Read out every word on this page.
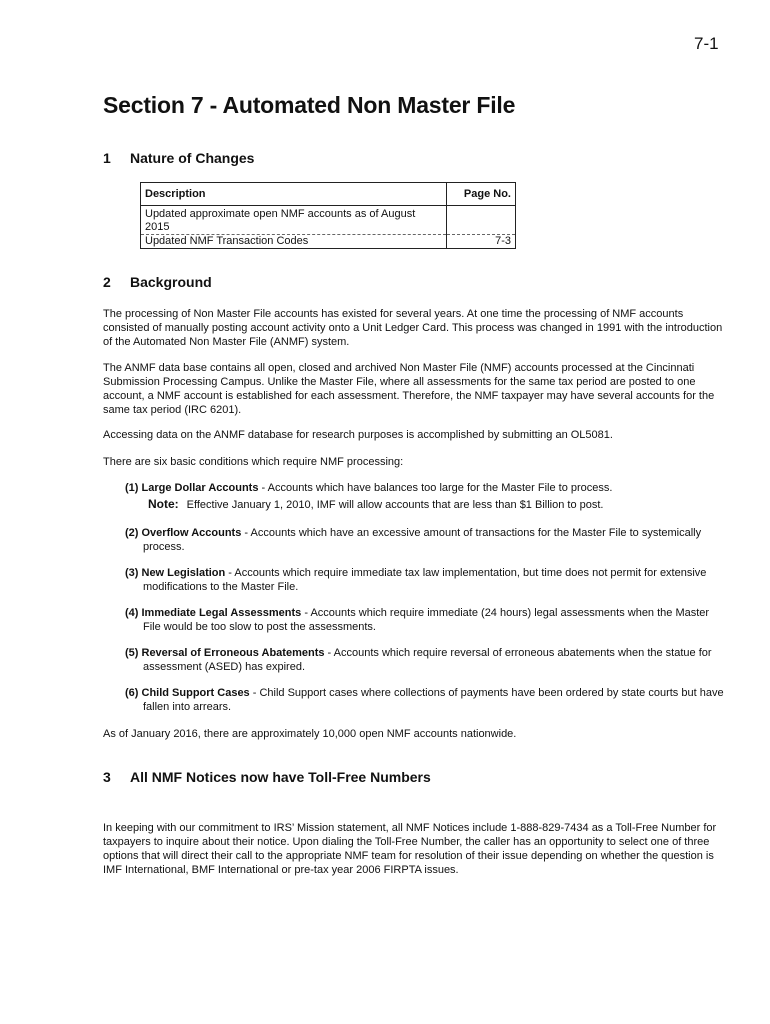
7-1
Section 7 - Automated Non Master File
1 Nature of Changes
Description	Page No.
Updated approximate open NMF accounts as of August 2015	
Updated NMF Transaction Codes	7-3
2 Background
The processing of Non Master File accounts has existed for several years. At one time the processing of NMF accounts consisted of manually posting account activity onto a Unit Ledger Card. This process was changed in 1991 with the introduction of the Automated Non Master File (ANMF) system.
The ANMF data base contains all open, closed and archived Non Master File (NMF) accounts processed at the Cincinnati Submission Processing Campus. Unlike the Master File, where all assessments for the same tax period are posted to one account, a NMF account is established for each assessment. Therefore, the NMF taxpayer may have several accounts for the same tax period (IRC 6201).
Accessing data on the ANMF database for research purposes is accomplished by submitting an OL5081.
There are six basic conditions which require NMF processing:
(1) Large Dollar Accounts - Accounts which have balances too large for the Master File to process.
Note: Effective January 1, 2010, IMF will allow accounts that are less than $1 Billion to post.
(2) Overflow Accounts - Accounts which have an excessive amount of transactions for the Master File to systemically process.
(3) New Legislation - Accounts which require immediate tax law implementation, but time does not permit for extensive modifications to the Master File.
(4) Immediate Legal Assessments - Accounts which require immediate (24 hours) legal assessments when the Master File would be too slow to post the assessments.
(5) Reversal of Erroneous Abatements - Accounts which require reversal of erroneous abatements when the statue for assessment (ASED) has expired.
(6) Child Support Cases - Child Support cases where collections of payments have been ordered by state courts but have fallen into arrears.
As of January 2016, there are approximately 10,000 open NMF accounts nationwide.
3 All NMF Notices now have Toll-Free Numbers
In keeping with our commitment to IRS’ Mission statement, all NMF Notices include 1-888-829-7434 as a Toll-Free Number for taxpayers to inquire about their notice. Upon dialing the Toll-Free Number, the caller has an opportunity to select one of three options that will direct their call to the appropriate NMF team for resolution of their issue depending on whether the question is IMF International, BMF International or pre-tax year 2006 FIRPTA issues.
